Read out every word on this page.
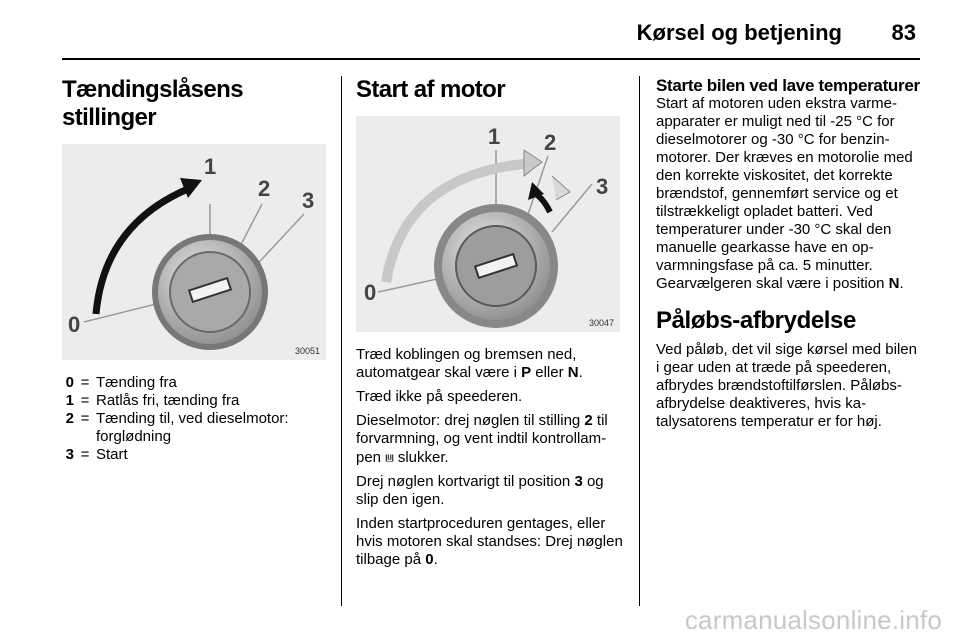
Kørsel og betjening 83
Tændingslåsens stillinger
1
2 3
0
30051
0 = Tænding fra
1 = Ratlås fri, tænding fra
2 = Tænding til, ved dieselmotor: forglødning
3 = Start
Start af motor
1 2
3
0
30047

Træd koblingen og bremsen ned, automatgear skal være i P eller N.

Træd ikke på speederen.

Dieselmotor: drej nøglen til stilling 2 til forvarmning, og vent indtil kontrollampen ⩏ slukker.

Drej nøglen kortvarigt til position 3 og slip den igen.

Inden startproceduren gentages, eller hvis motoren skal standses: Drej nøglen tilbage på 0.

Starte bilen ved lave temperaturer

Start af motoren uden ekstra varmeapparater er muligt ned til -25 °C for dieselmotorer og -30 °C for benzinmotorer. Der kræves en motorolie med den korrekte viskositet, det korrekte brændstof, gennemført service og et tilstrækkeligt opladet batteri. Ved temperaturer under -30 °C skal den manuelle gearkasse have en opvarmningsfase på ca. 5 minutter. Gearvælgeren skal være i position N.

Påløbs-afbrydelse

Ved påløb, det vil sige kørsel med bilen i gear uden at træde på speederen, afbrydes brændstoftilførslen. Påløbs-afbrydelse deaktiveres, hvis katalysatorens temperatur er for høj.

carmanualsonline.info
